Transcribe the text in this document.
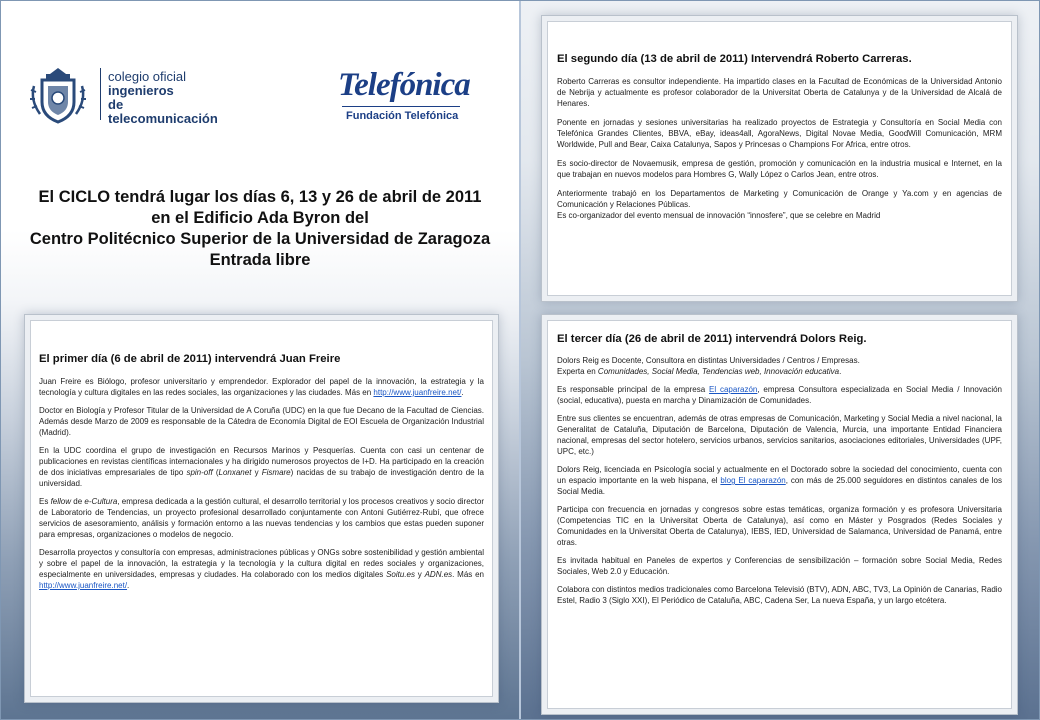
colegio oficial
ingenieros
de telecomunicación
Telefónica
Fundación Telefónica
El CICLO tendrá lugar los días 6, 13 y 26 de abril de 2011
en el Edificio Ada Byron del
Centro Politécnico Superior de la Universidad de Zaragoza
Entrada libre
El primer día (6 de abril de 2011) intervendrá Juan Freire

Juan Freire es Biólogo, profesor universitario y emprendedor. Explorador del papel de la innovación, la estrategia y la tecnología y cultura digitales en las redes sociales, las organizaciones y las ciudades. Más en http://www.juanfreire.net/.

Doctor en Biología y Profesor Titular de la Universidad de A Coruña (UDC) en la que fue Decano de la Facultad de Ciencias. Además desde Marzo de 2009 es responsable de la Cátedra de Economía Digital de EOI Escuela de Organización Industrial (Madrid).

En la UDC coordina el grupo de investigación en Recursos Marinos y Pesquerías. Cuenta con casi un centenar de publicaciones en revistas científicas internacionales y ha dirigido numerosos proyectos de I+D. Ha participado en la creación de dos iniciativas empresariales de tipo spin-off (Lonxanet y Fismare) nacidas de su trabajo de investigación dentro de la universidad.

Es fellow de e-Cultura, empresa dedicada a la gestión cultural, el desarrollo territorial y los procesos creativos y socio director de Laboratorio de Tendencias, un proyecto profesional desarrollado conjuntamente con Antoni Gutiérrez-Rubí, que ofrece servicios de asesoramiento, análisis y formación entorno a las nuevas tendencias y los cambios que estas pueden suponer para empresas, organizaciones o modelos de negocio.

Desarrolla proyectos y consultoría con empresas, administraciones públicas y ONGs sobre sostenibilidad y gestión ambiental y sobre el papel de la innovación, la estrategia y la tecnología y la cultura digital en redes sociales y organizaciones, especialmente en universidades, empresas y ciudades. Ha colaborado con los medios digitales Soitu.es y ADN.es. Más en http://www.juanfreire.net/.

El segundo día (13 de abril de 2011) Intervendrá Roberto Carreras.

Roberto Carreras es consultor independiente. Ha impartido clases en la Facultad de Económicas de la Universidad Antonio de Nebrija y actualmente es profesor colaborador de la Universitat Oberta de Catalunya y de la Universidad de Alcalá de Henares.

Ponente en jornadas y sesiones universitarias ha realizado proyectos de Estrategia y Consultoría en Social Media con Telefónica Grandes Clientes, BBVA, eBay, ideas4all, AgoraNews, Digital Novae Media, GoodWill Comunicación, MRM Worldwide, Pull and Bear, Caixa Catalunya, Sapos y Princesas o Champions For Africa, entre otros.

Es socio-director de Novaemusik, empresa de gestión, promoción y comunicación en la industria musical e Internet, en la que trabajan en nuevos modelos para Hombres G, Wally López o Carlos Jean, entre otros.

Anteriormente trabajó en los Departamentos de Marketing y Comunicación de Orange y Ya.com y en agencias de Comunicación y Relaciones Públicas.
Es co-organizador del evento mensual de innovación “innosfere”, que se celebre en Madrid

El tercer día (26 de abril de 2011) intervendrá Dolors Reig.

Dolors Reig es Docente, Consultora en distintas Universidades / Centros / Empresas.
Experta en Comunidades, Social Media, Tendencias web, Innovación educativa.

Es responsable principal de la empresa El caparazón, empresa Consultora especializada en Social Media / Innovación (social, educativa), puesta en marcha y Dinamización de Comunidades.

Entre sus clientes se encuentran, además de otras empresas de Comunicación, Marketing y Social Media a nivel nacional, la Generalitat de Cataluña, Diputación de Barcelona, Diputación de Valencia, Murcia, una importante Entidad Financiera nacional, empresas del sector hotelero, servicios urbanos, servicios sanitarios, asociaciones editoriales, Universidades (UPF, UPC, etc.)

Dolors Reig, licenciada en Psicología social y actualmente en el Doctorado sobre la sociedad del conocimiento, cuenta con un espacio importante en la web hispana, el blog El caparazón, con más de 25.000 seguidores en distintos canales de los Social Media.

Participa con frecuencia en jornadas y congresos sobre estas temáticas, organiza formación y es profesora Universitaria (Competencias TIC en la Universitat Oberta de Catalunya), así como en Máster y Posgrados (Redes Sociales y Comunidades en la Universitat Oberta de Catalunya), IEBS, IED, Universidad de Salamanca, Universidad de Panamá, entre otras.

Es invitada habitual en Paneles de expertos y Conferencias de sensibilización – formación sobre Social Media, Redes Sociales, Web 2.0 y Educación.

Colabora con distintos medios tradicionales como Barcelona Televisió (BTV), ADN, ABC, TV3, La Opinión de Canarias, Radio Estel, Radio 3 (Siglo XXI), El Periódico de Cataluña, ABC, Cadena Ser, La nueva España, y un largo etcétera.
